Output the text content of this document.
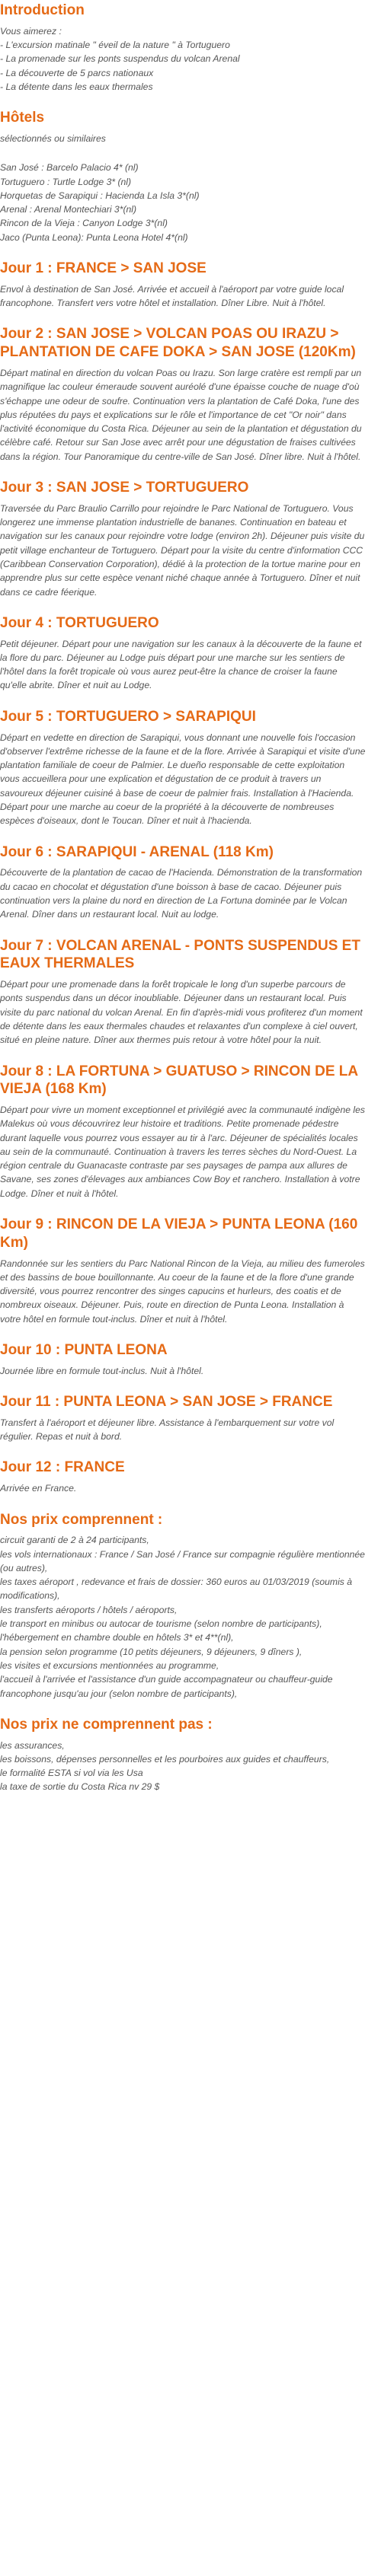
Introduction

Vous aimerez :
- L'excursion matinale " éveil de la nature " à Tortuguero
- La promenade sur les ponts suspendus du volcan Arenal
- La découverte de 5 parcs nationaux
- La détente dans les eaux thermales
Hôtels
sélectionnés ou similaires
San José : Barcelo Palacio 4* (nl)
Tortuguero : Turtle Lodge 3* (nl)
Horquetas de Sarapiqui : Hacienda La Isla 3*(nl)
Arenal : Arenal Montechiari 3*(nl)
Rincon de la Vieja : Canyon Lodge 3*(nl)
Jaco (Punta Leona): Punta Leona Hotel 4*(nl)
Jour 1 : FRANCE > SAN JOSE

Envol à destination de San José. Arrivée et accueil à l'aéroport par votre guide local francophone. Transfert vers votre hôtel et installation. Dîner Libre. Nuit à l'hôtel.

Jour 2 : SAN JOSE > VOLCAN POAS OU IRAZU > PLANTATION DE CAFE DOKA > SAN JOSE (120Km)

Départ matinal en direction du volcan Poas ou Irazu. Son large cratère est rempli par un magnifique lac couleur émeraude souvent auréolé d'une épaisse couche de nuage d'où s'échappe une odeur de soufre. Continuation vers la plantation de Café Doka, l'une des plus réputées du pays et explications sur le rôle et l'importance de cet "Or noir" dans l'activité économique du Costa Rica. Déjeuner au sein de la plantation et dégustation du célèbre café. Retour sur San Jose avec arrêt pour une dégustation de fraises cultivées dans la région. Tour Panoramique du centre-ville de San José. Dîner libre. Nuit à l'hôtel.

Jour 3 : SAN JOSE > TORTUGUERO

Traversée du Parc Braulio Carrillo pour rejoindre le Parc National de Tortuguero. Vous longerez une immense plantation industrielle de bananes. Continuation en bateau et navigation sur les canaux pour rejoindre votre lodge (environ 2h). Déjeuner puis visite du petit village enchanteur de Tortuguero. Départ pour la visite du centre d'information CCC (Caribbean Conservation Corporation), dédié à la protection de la tortue marine pour en apprendre plus sur cette espèce venant niché chaque année à Tortuguero. Dîner et nuit dans ce cadre féerique.

Jour 4 : TORTUGUERO

Petit déjeuner. Départ pour une navigation sur les canaux à la découverte de la faune et la flore du parc. Déjeuner au Lodge puis départ pour une marche sur les sentiers de l'hôtel dans la forêt tropicale où vous aurez peut-être la chance de croiser la faune qu'elle abrite. Dîner et nuit au Lodge.

Jour 5 : TORTUGUERO > SARAPIQUI

Départ en vedette en direction de Sarapiqui, vous donnant une nouvelle fois l'occasion d'observer l'extrême richesse de la faune et de la flore. Arrivée à Sarapiqui et visite d'une plantation familiale de coeur de Palmier. Le dueño responsable de cette exploitation vous accueillera pour une explication et dégustation de ce produit à travers un savoureux déjeuner cuisiné à base de coeur de palmier frais. Installation à l'Hacienda. Départ pour une marche au coeur de la propriété à la découverte de nombreuses espèces d'oiseaux, dont le Toucan. Dîner et nuit à l'hacienda.

Jour 6 : SARAPIQUI - ARENAL (118 Km)

Découverte de la plantation de cacao de l'Hacienda. Démonstration de la transformation du cacao en chocolat et dégustation d'une boisson à base de cacao. Déjeuner puis continuation vers la plaine du nord en direction de La Fortuna dominée par le Volcan Arenal. Dîner dans un restaurant local. Nuit au lodge.

Jour 7 : VOLCAN ARENAL - PONTS SUSPENDUS ET EAUX THERMALES

Départ pour une promenade dans la forêt tropicale le long d'un superbe parcours de ponts suspendus dans un décor inoubliable. Déjeuner dans un restaurant local. Puis visite du parc national du volcan Arenal. En fin d'après-midi vous profiterez d'un moment de détente dans les eaux thermales chaudes et relaxantes d'un complexe à ciel ouvert, situé en pleine nature. Dîner aux thermes puis retour à votre hôtel pour la nuit.

Jour 8 : LA FORTUNA > GUATUSO > RINCON DE LA VIEJA (168 Km)

Départ pour vivre un moment exceptionnel et privilégié avec la communauté indigène les Malekus où vous découvrirez leur histoire et traditions. Petite promenade pédestre durant laquelle vous pourrez vous essayer au tir à l'arc. Déjeuner de spécialités locales au sein de la communauté. Continuation à travers les terres sèches du Nord-Ouest. La région centrale du Guanacaste contraste par ses paysages de pampa aux allures de Savane, ses zones d'élevages aux ambiances Cow Boy et ranchero. Installation à votre Lodge. Dîner et nuit à l'hôtel.

Jour 9 : RINCON DE LA VIEJA > PUNTA LEONA (160 Km)

Randonnée sur les sentiers du Parc National Rincon de la Vieja, au milieu des fumeroles et des bassins de boue bouillonnante. Au coeur de la faune et de la flore d'une grande diversité, vous pourrez rencontrer des singes capucins et hurleurs, des coatis et de nombreux oiseaux. Déjeuner. Puis, route en direction de Punta Leona. Installation à votre hôtel en formule tout-inclus. Dîner et nuit à l'hôtel.

Jour 10 : PUNTA LEONA

Journée libre en formule tout-inclus. Nuit à l'hôtel.

Jour 11 : PUNTA LEONA > SAN JOSE > FRANCE

Transfert à l'aéroport et déjeuner libre. Assistance à l'embarquement sur votre vol régulier. Repas et nuit à bord.

Jour 12 : FRANCE

Arrivée en France.

Nos prix comprennent :
circuit garanti de 2 à 24 participants,
les vols internationaux : France / San José / France sur compagnie régulière mentionnée (ou autres),
les taxes aéroport , redevance et frais de dossier: 360 euros au 01/03/2019 (soumis à modifications),
les transferts aéroports / hôtels / aéroports,
le transport en minibus ou autocar de tourisme (selon nombre de participants),
l'hébergement en chambre double en hôtels 3* et 4**(nl),
la pension selon programme (10 petits déjeuners, 9 déjeuners, 9 dîners ),
les visites et excursions mentionnées au programme,
l'accueil à l'arrivée et l'assistance d'un guide accompagnateur ou chauffeur-guide francophone jusqu'au jour (selon nombre de participants),
Nos prix ne comprennent pas :
les assurances,
les boissons, dépenses personnelles et les pourboires aux guides et chauffeurs,
le formalité ESTA si vol via les Usa
la taxe de sortie du Costa Rica nv 29 $
